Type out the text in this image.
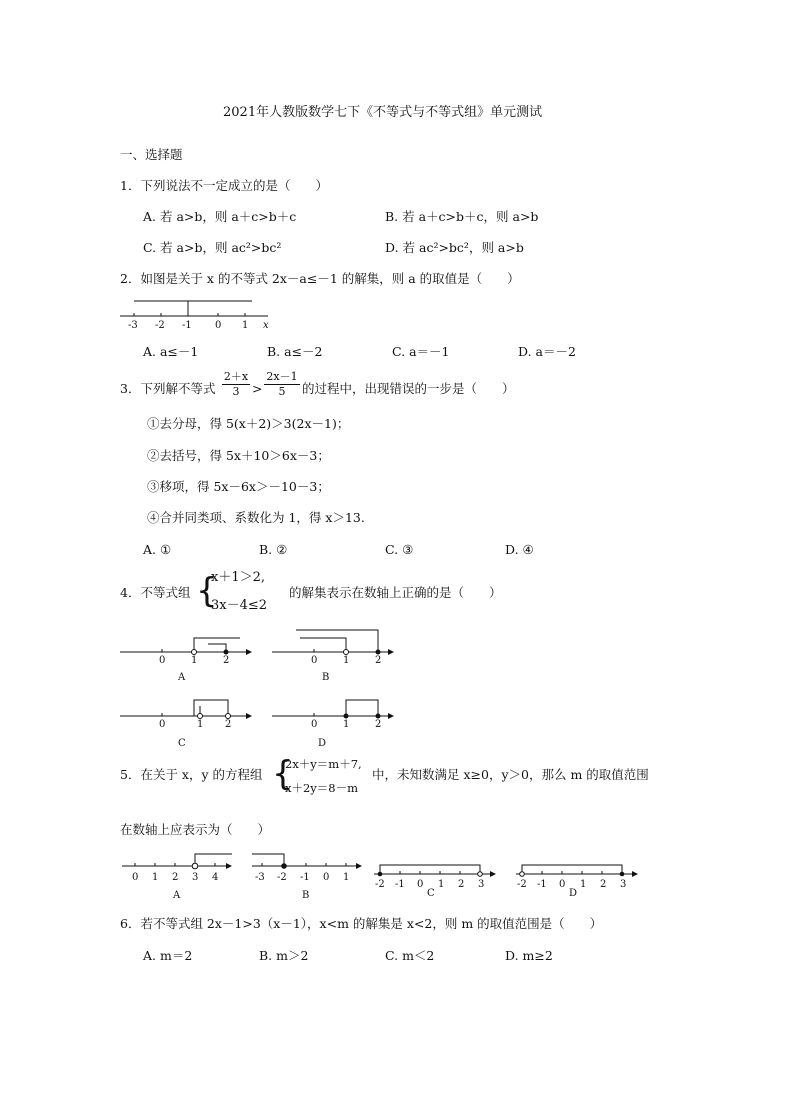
2021年人教版数学七下《不等式与不等式组》单元测试
一、选择题
1．下列说法不一定成立的是（　　）
A. 若 a>b，则 a＋c>b＋c	B. 若 a＋c>b＋c，则 a>b
C. 若 a>b，则 ac²>bc²	D. 若 ac²>bc²，则 a>b
2．如图是关于 x 的不等式 2x－a≤－1 的解集，则 a 的取值是（　　）
-3 -2 -1 0 1 x
A. a≤－1	B. a≤－2	C. a＝－1	D. a＝－2
3．下列解不等式
2＋x
3	>
2x－1
5	的过程中，出现错误的一步是（　　）
①去分母，得 5(x＋2)＞3(2x－1)；
②去括号，得 5x＋10＞6x－3；
③移项，得 5x－6x＞－10－3；
④合并同类项、系数化为 1，得 x＞13.
A. ①	B. ②	C. ③	D. ④
4．不等式组 {
x＋1＞2,
3x－4≤2
的解集表示在数轴上正确的是（　　）
0	1	2
A
0	1	2
B
0	1 2
C
0	1	2
D
5．在关于 x，y 的方程组 {
2x＋y＝m＋7,
x＋2y＝8－m
中，未知数满足 x≥0，y＞0，那么 m 的取值范围
在数轴上应表示为（　　）
0 1 2 3 4
A
-3 -2 -1 0 1
B
-2 -1 0 1 2 3
C
-2 -1 0 1 2 3
D
6．若不等式组 2x－1>3（x－1），x<m 的解集是 x<2，则 m 的取值范围是（　　）
A. m＝2	B. m＞2	C. m＜2	D. m≥2
